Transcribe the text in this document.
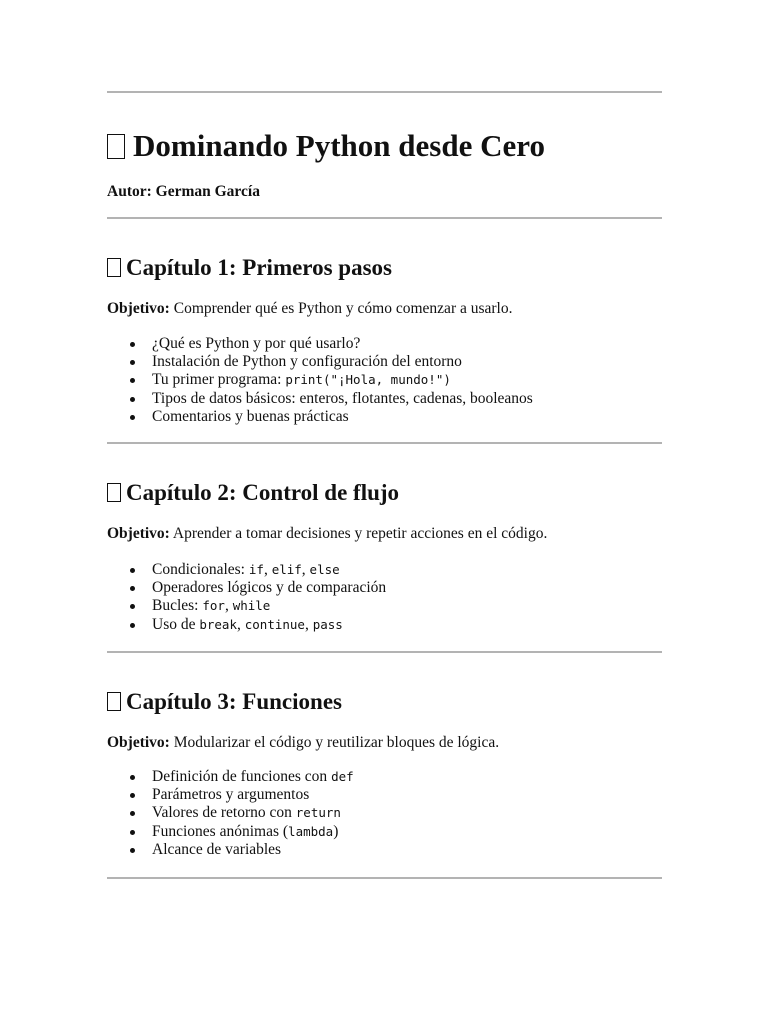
Dominando Python desde Cero
Autor: German García
Capítulo 1: Primeros pasos
Objetivo: Comprender qué es Python y cómo comenzar a usarlo.
¿Qué es Python y por qué usarlo?
Instalación de Python y configuración del entorno
Tu primer programa: print("¡Hola, mundo!")
Tipos de datos básicos: enteros, flotantes, cadenas, booleanos
Comentarios y buenas prácticas
Capítulo 2: Control de flujo
Objetivo: Aprender a tomar decisiones y repetir acciones en el código.
Condicionales: if, elif, else
Operadores lógicos y de comparación
Bucles: for, while
Uso de break, continue, pass
Capítulo 3: Funciones
Objetivo: Modularizar el código y reutilizar bloques de lógica.
Definición de funciones con def
Parámetros y argumentos
Valores de retorno con return
Funciones anónimas (lambda)
Alcance de variables
